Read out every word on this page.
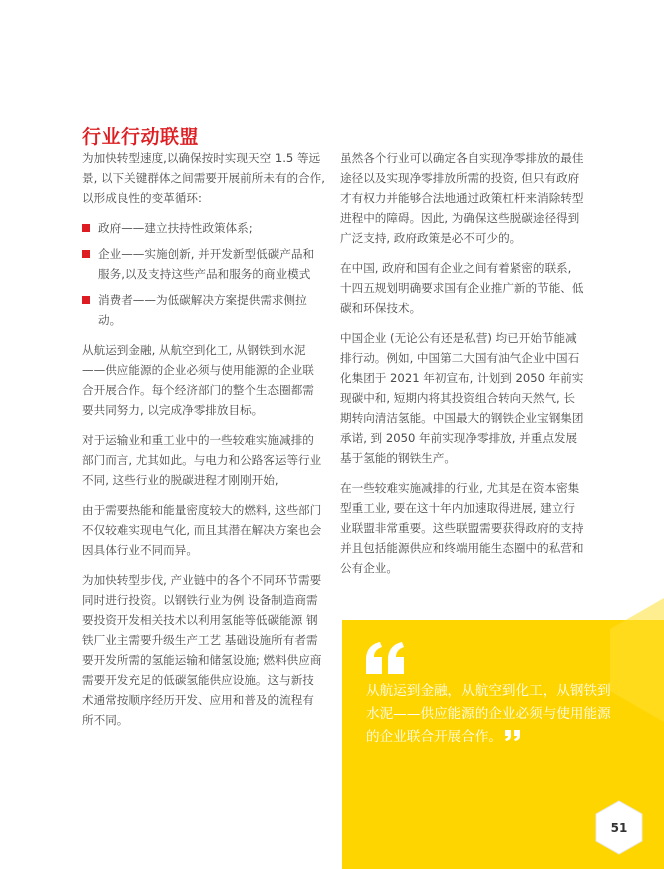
行业行动联盟

为加快转型速度,以确保按时实现天空 1.5 等远景, 以下关键群体之间需要开展前所未有的合作, 以形成良性的变革循环:

政府——建立扶持性政策体系;
企业——实施创新, 并开发新型低碳产品和服务,以及支持这些产品和服务的商业模式
消费者——为低碳解决方案提供需求侧拉动。

从航运到金融, 从航空到化工, 从钢铁到水泥——供应能源的企业必须与使用能源的企业联合开展合作。每个经济部门的整个生态圈都需要共同努力, 以完成净零排放目标。

对于运输业和重工业中的一些较难实施减排的部门而言, 尤其如此。与电力和公路客运等行业不同, 这些行业的脱碳进程才刚刚开始,

由于需要热能和能量密度较大的燃料, 这些部门不仅较难实现电气化, 而且其潜在解决方案也会因具体行业不同而异。

为加快转型步伐, 产业链中的各个不同环节需要同时进行投资。以钢铁行业为例 设备制造商需要投资开发相关技术以利用氢能等低碳能源 钢铁厂业主需要升级生产工艺 基础设施所有者需要开发所需的氢能运输和储氢设施; 燃料供应商需要开发充足的低碳氢能供应设施。这与新技术通常按顺序经历开发、应用和普及的流程有所不同。

虽然各个行业可以确定各自实现净零排放的最佳途径以及实现净零排放所需的投资, 但只有政府才有权力并能够合法地通过政策杠杆来消除转型进程中的障碍。因此, 为确保这些脱碳途径得到广泛支持, 政府政策是必不可少的。

在中国, 政府和国有企业之间有着紧密的联系, 十四五规划明确要求国有企业推广新的节能、低碳和环保技术。

中国企业 (无论公有还是私营) 均已开始节能减排行动。例如, 中国第二大国有油气企业中国石化集团于 2021 年初宣布, 计划到 2050 年前实现碳中和, 短期内将其投资组合转向天然气, 长期转向清洁氢能。中国最大的钢铁企业宝钢集团承诺, 到 2050 年前实现净零排放, 并重点发展基于氢能的钢铁生产。

在一些较难实施减排的行业, 尤其是在资本密集型重工业, 要在这十年内加速取得进展, 建立行业联盟非常重要。这些联盟需要获得政府的支持并且包括能源供应和终端用能生态圈中的私营和公有企业。

从航运到金融，从航空到化工，从钢铁到水泥——供应能源的企业必须与使用能源的企业联合开展合作。
51
